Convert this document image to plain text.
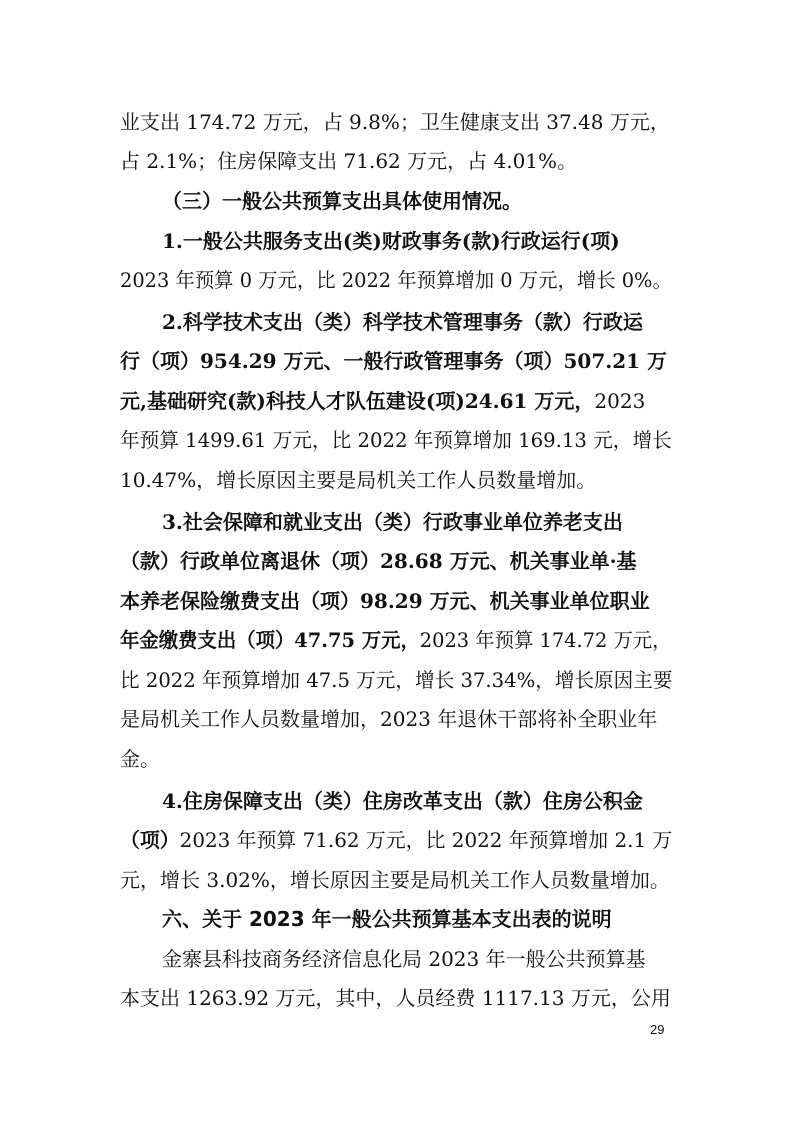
业支出 174.72 万元，占 9.8%；卫生健康支出 37.48 万元，
占 2.1%；住房保障支出 71.62 万元，占 4.01%。
（三）一般公共预算支出具体使用情况。
1.一般公共服务支出(类)财政事务(款)行政运行(项)
2023 年预算 0 万元，比 2022 年预算增加 0 万元，增长 0%。
2.科学技术支出（类）科学技术管理事务（款）行政运
行（项）954.29 万元、一般行政管理事务（项）507.21 万
元,基础研究(款)科技人才队伍建设(项)24.61 万元，2023
年预算 1499.61 万元，比 2022 年预算增加 169.13 元，增长
10.47%，增长原因主要是局机关工作人员数量增加。
3.社会保障和就业支出（类）行政事业单位养老支出
（款）行政单位离退休（项）28.68 万元、机关事业单·基
本养老保险缴费支出（项）98.29 万元、机关事业单位职业
年金缴费支出（项）47.75 万元，2023 年预算 174.72 万元，
比 2022 年预算增加 47.5 万元，增长 37.34%，增长原因主要
是局机关工作人员数量增加，2023 年退休干部将补全职业年
金。
4.住房保障支出（类）住房改革支出（款）住房公积金
（项）2023 年预算 71.62 万元，比 2022 年预算增加 2.1 万
元，增长 3.02%，增长原因主要是局机关工作人员数量增加。
六、关于 2023 年一般公共预算基本支出表的说明
金寨县科技商务经济信息化局 2023 年一般公共预算基
本支出 1263.92 万元，其中，人员经费 1117.13 万元，公用
29
